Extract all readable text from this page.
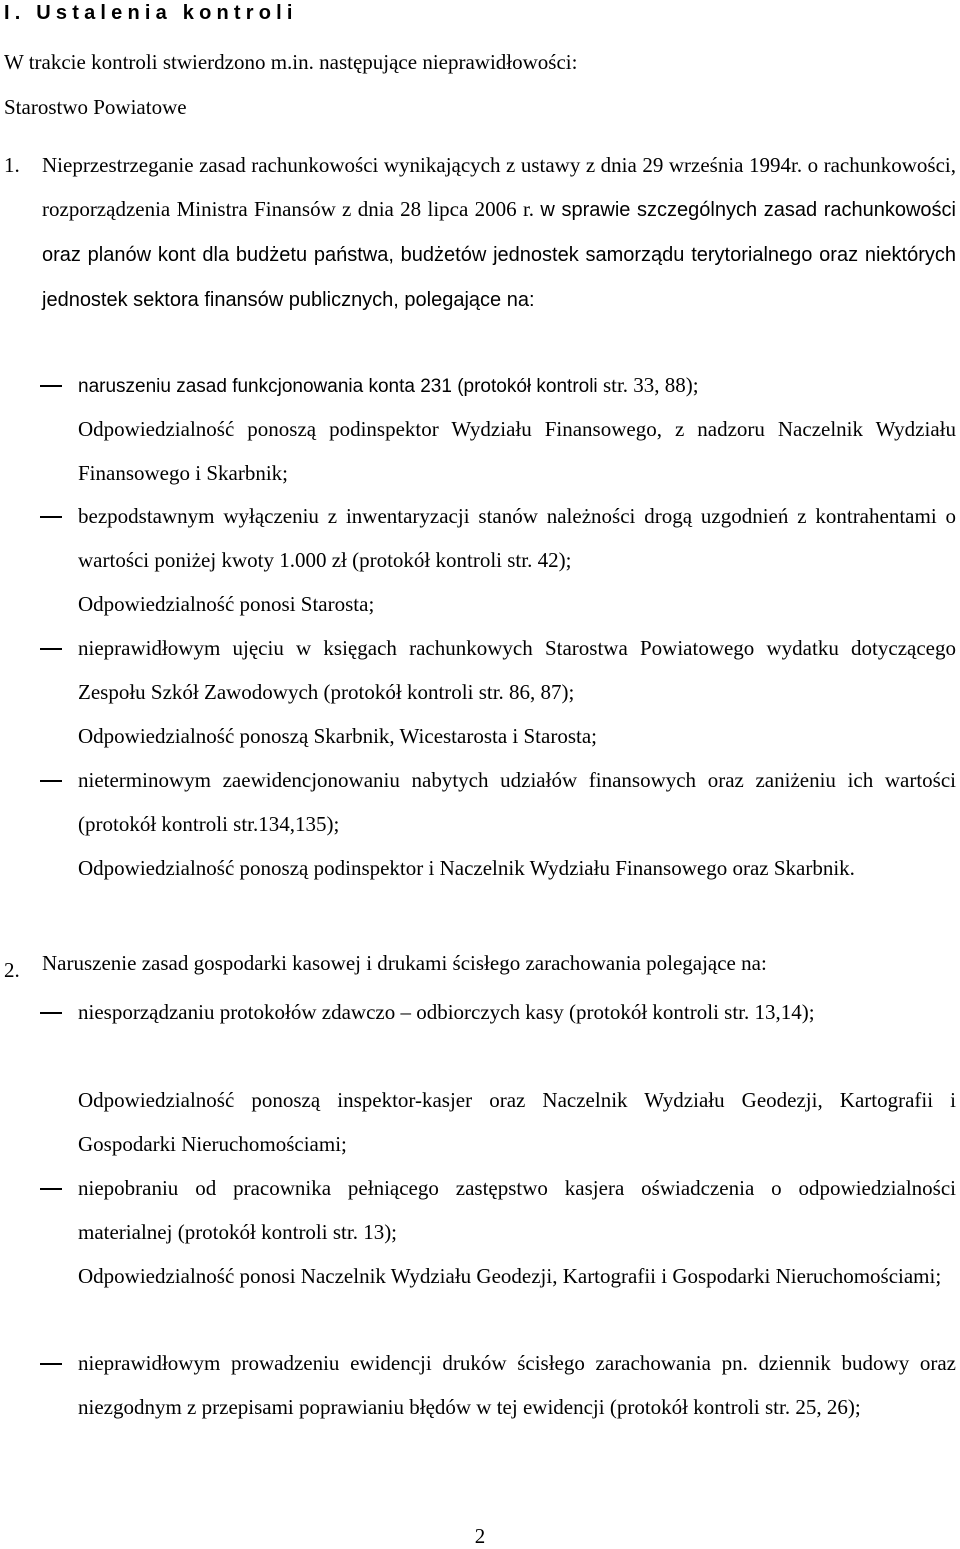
I. Ustalenia kontroli
W trakcie kontroli stwierdzono m.in. następujące nieprawidłowości:
Starostwo Powiatowe
1. Nieprzestrzeganie zasad rachunkowości wynikających z ustawy z dnia 29 września 1994r. o rachunkowości, rozporządzenia Ministra Finansów z dnia 28 lipca 2006 r. w sprawie szczególnych zasad rachunkowości oraz planów kont dla budżetu państwa, budżetów jednostek samorządu terytorialnego oraz niektórych jednostek sektora finansów publicznych, polegające na:

naruszeniu zasad funkcjonowania konta 231 (protokół kontroli str. 33, 88);

Odpowiedzialność ponoszą podinspektor Wydziału Finansowego, z nadzoru Naczelnik Wydziału Finansowego i Skarbnik;

bezpodstawnym wyłączeniu z inwentaryzacji stanów należności drogą uzgodnień z kontrahentami o wartości poniżej kwoty 1.000 zł (protokół kontroli str. 42);

Odpowiedzialność ponosi Starosta;

nieprawidłowym ujęciu w księgach rachunkowych Starostwa Powiatowego wydatku dotyczącego Zespołu Szkół Zawodowych (protokół kontroli str. 86, 87);

Odpowiedzialność ponoszą Skarbnik, Wicestarosta i Starosta;

nieterminowym zaewidencjonowaniu nabytych udziałów finansowych oraz zaniżeniu ich wartości (protokół kontroli str.134,135);

Odpowiedzialność ponoszą podinspektor i Naczelnik Wydziału Finansowego oraz Skarbnik.

2. Naruszenie zasad gospodarki kasowej i drukami ścisłego zarachowania polegające na:

niesporządzaniu protokołów zdawczo – odbiorczych kasy (protokół kontroli str. 13,14);

Odpowiedzialność ponoszą inspektor-kasjer oraz Naczelnik Wydziału Geodezji, Kartografii i Gospodarki Nieruchomościami;

niepobraniu od pracownika pełniącego zastępstwo kasjera oświadczenia o odpowiedzialności materialnej (protokół kontroli str. 13);

Odpowiedzialność ponosi Naczelnik Wydziału Geodezji, Kartografii i Gospodarki Nieruchomościami;

nieprawidłowym prowadzeniu ewidencji druków ścisłego zarachowania pn. dziennik budowy oraz niezgodnym z przepisami poprawianiu błędów w tej ewidencji (protokół kontroli str. 25, 26);

2
